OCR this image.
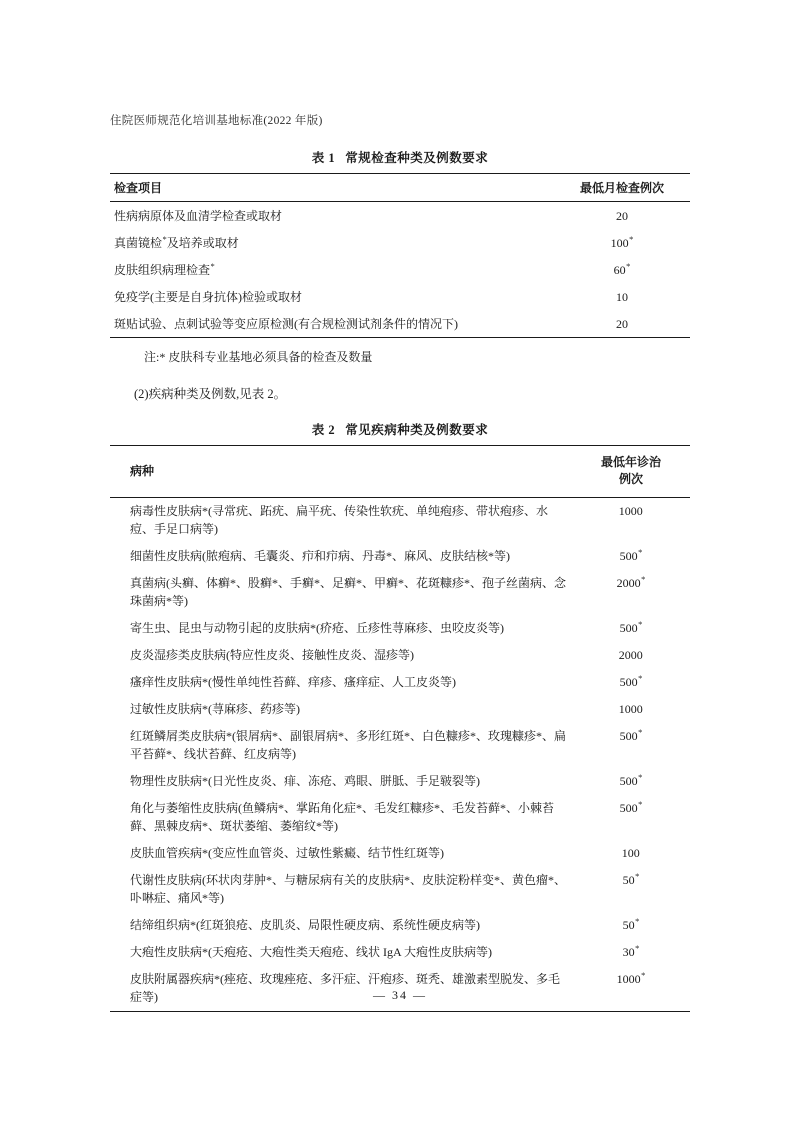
住院医师规范化培训基地标准(2022 年版)
表 1 常规检查种类及例数要求
检查项目	最低月检查例次
性病病原体及血清学检查或取材	20
真菌镜检*及培养或取材	100*
皮肤组织病理检查*	60*
免疫学(主要是自身抗体)检验或取材	10
斑贴试验、点刺试验等变应原检测(有合规检测试剂条件的情况下)	20
注:* 皮肤科专业基地必须具备的检查及数量
(2)疾病种类及例数,见表 2。
表 2 常见疾病种类及例数要求
病种	最低年诊治
例次

病毒性皮肤病*(寻常疣、跖疣、扁平疣、传染性软疣、单纯疱疹、带状疱疹、水痘、手足口病等)	1000
细菌性皮肤病(脓疱病、毛囊炎、疖和疖病、丹毒*、麻风、皮肤结核*等)	500*
真菌病(头癣、体癣*、股癣*、手癣*、足癣*、甲癣*、花斑糠疹*、孢子丝菌病、念珠菌病*等)	2000*
寄生虫、昆虫与动物引起的皮肤病*(疥疮、丘疹性荨麻疹、虫咬皮炎等)	500*
皮炎湿疹类皮肤病(特应性皮炎、接触性皮炎、湿疹等)	2000
瘙痒性皮肤病*(慢性单纯性苔藓、痒疹、瘙痒症、人工皮炎等)	500*
过敏性皮肤病*(荨麻疹、药疹等)	1000
红斑鳞屑类皮肤病*(银屑病*、副银屑病*、多形红斑*、白色糠疹*、玫瑰糠疹*、扁平苔藓*、线状苔藓、红皮病等)	500*
物理性皮肤病*(日光性皮炎、痱、冻疮、鸡眼、胼胝、手足皲裂等)	500*
角化与萎缩性皮肤病(鱼鳞病*、掌跖角化症*、毛发红糠疹*、毛发苔藓*、小棘苔藓、黑棘皮病*、斑状萎缩、萎缩纹*等)	500*
皮肤血管疾病*(变应性血管炎、过敏性紫癜、结节性红斑等)	100
代谢性皮肤病(环状肉芽肿*、与糖尿病有关的皮肤病*、皮肤淀粉样变*、黄色瘤*、卟啉症、痛风*等)	50*
结缔组织病*(红斑狼疮、皮肌炎、局限性硬皮病、系统性硬皮病等)	50*
大疱性皮肤病*(天疱疮、大疱性类天疱疮、线状 IgA 大疱性皮肤病等)	30*
皮肤附属器疾病*(痤疮、玫瑰痤疮、多汗症、汗疱疹、斑秃、雄激素型脱发、多毛症等)	1000*
— 34 —
